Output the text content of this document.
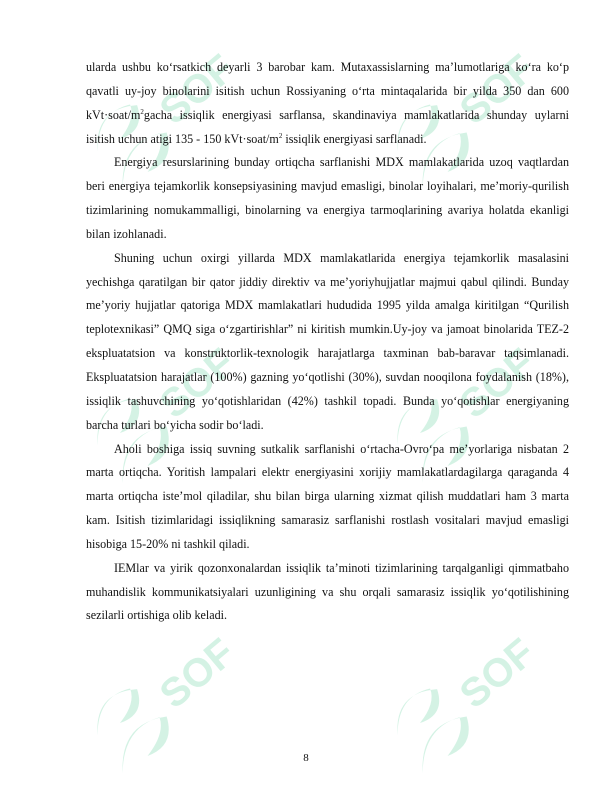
ularda ushbu ko‘rsatkich deyarli 3 barobar kam. Mutaxassislarning ma’lumotlariga ko‘ra ko‘p qavatli uy-joy binolarini isitish uchun Rossiyaning o‘rta mintaqalarida bir yilda 350 dan 600 $kVt\cdot soat/m^2gacha$ issiqlik energiyasi sarflansa, skandinaviya mamlakatlarida shunday uylarni isitish uchun atigi 135 - 150 $kVt\cdot soat/m^2$ issiqlik energiyasi sarflanadi.

Energiya resurslarining bunday ortiqcha sarflanishi MDX mamlakatlarida uzoq vaqtlardan beri energiya tejamkorlik konsepsiyasining mavjud emasligi, binolar loyihalari, me’moriy-qurilish tizimlarining nomukammalligi, binolarning va energiya tarmoqlarining avariya holatda ekanligi bilan izohlanadi.

Shuning uchun oxirgi yillarda MDX mamlakatlarida energiya tejamkorlik masalasini yechishga qaratilgan bir qator jiddiy direktiv va me’yoriyhujjatlar majmui qabul qilindi. Bunday me’yoriy hujjatlar qatoriga MDX mamlakatlari hududida 1995 yilda amalga kiritilgan “Qurilish teplotexnikasi” QMQ siga o‘zgartirishlar” ni kiritish mumkin.Uy-joy va jamoat binolarida TEZ-2 ekspluatatsion va konstruktorlik-texnologik harajatlarga taxminan bab-baravar taqsimlanadi. Ekspluatatsion harajatlar (100%) gazning yo‘qotlishi (30%), suvdan nooqilona foydalanish (18%), issiqlik tashuvchining yo‘qotishlaridan (42%) tashkil topadi. Bunda yo‘qotishlar energiyaning barcha turlari bo‘yicha sodir bo‘ladi.

Aholi boshiga issiq suvning sutkalik sarflanishi o‘rtacha-Ovro‘pa me’yorlariga nisbatan 2 marta ortiqcha. Yoritish lampalari elektr energiyasini xorijiy mamlakatlardagilarga qaraganda 4 marta ortiqcha iste’mol qiladilar, shu bilan birga ularning xizmat qilish muddatlari ham 3 marta kam. Isitish tizimlaridagi issiqlikning samarasiz sarflanishi rostlash vositalari mavjud emasligi hisobiga 15-20% ni tashkil qiladi.

IEMlar va yirik qozonxonalardan issiqlik ta’minoti tizimlarining tarqalganligi qimmatbaho muhandislik kommunikatsiyalari uzunligining va shu orqali samarasiz issiqlik yo‘qotilishining sezilarli ortishiga olib keladi.

8
